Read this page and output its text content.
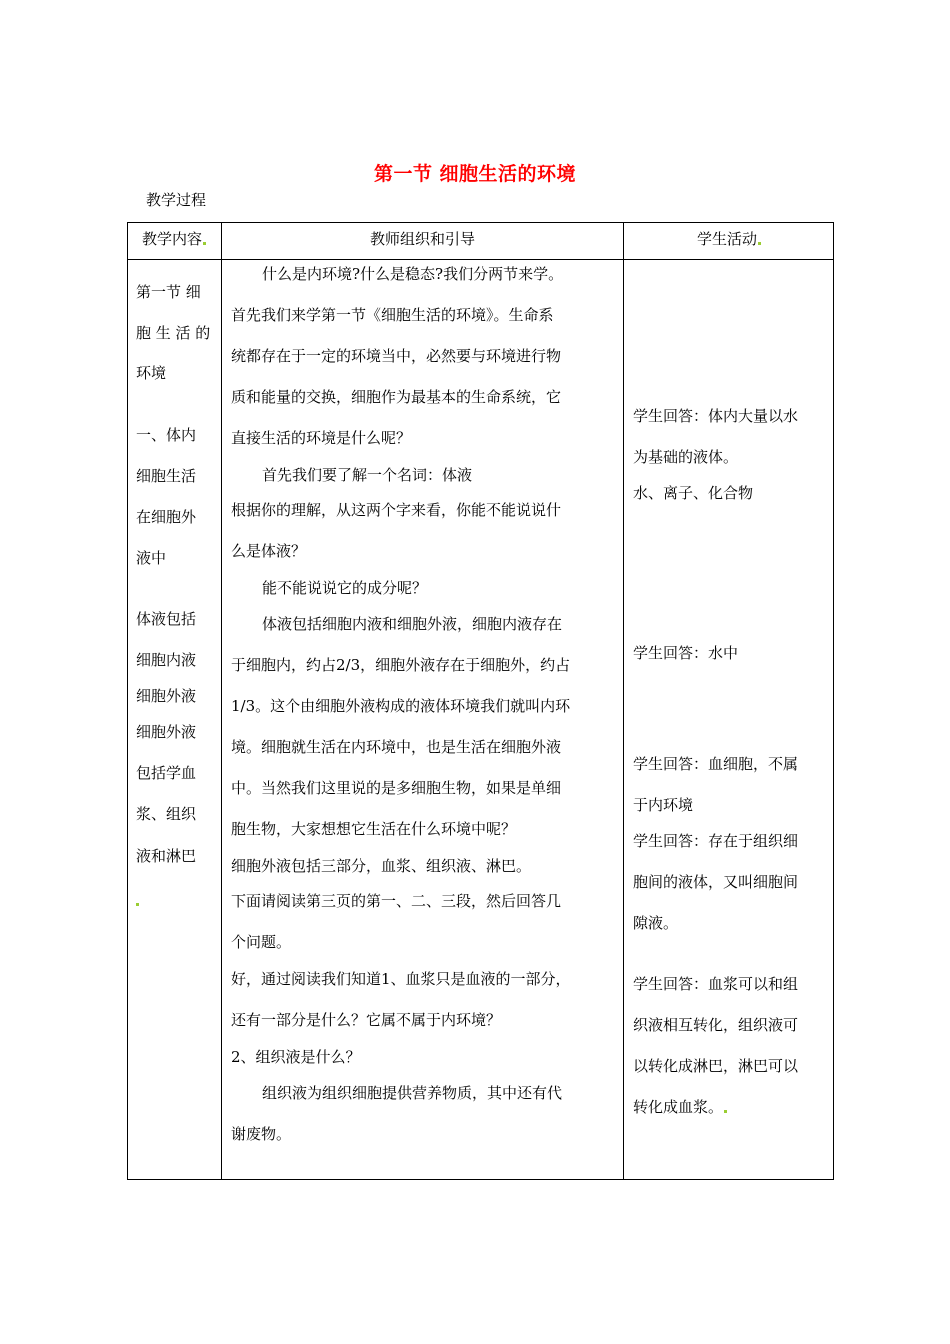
第一节 细胞生活的环境
教学过程
教学内容	教师组织和引导	学生活动
第一节 细
胞 生 活 的
环境
一、体内
细胞生活
在细胞外
液中
体液包括
细胞内液
细胞外液
细胞外液
包括学血
浆、组织
液和淋巴
什么是内环境?什么是稳态?我们分两节来学。
首先我们来学第一节《细胞生活的环境》。生命系
统都存在于一定的环境当中，必然要与环境进行物
质和能量的交换，细胞作为最基本的生命系统，它
直接生活的环境是什么呢？
首先我们要了解一个名词：体液
根据你的理解，从这两个字来看，你能不能说说什
么是体液？
能不能说说它的成分呢？
体液包括细胞内液和细胞外液，细胞内液存在
于细胞内，约占2/3，细胞外液存在于细胞外，约占
1/3。这个由细胞外液构成的液体环境我们就叫内环
境。细胞就生活在内环境中，也是生活在细胞外液
中。当然我们这里说的是多细胞生物，如果是单细
胞生物，大家想想它生活在什么环境中呢？
细胞外液包括三部分，血浆、组织液、淋巴。
下面请阅读第三页的第一、二、三段，然后回答几
个问题。
好，通过阅读我们知道1、血浆只是血液的一部分，
还有一部分是什么？它属不属于内环境？
2、组织液是什么？
组织液为组织细胞提供营养物质，其中还有代
谢废物。
学生回答：体内大量以水
为基础的液体。
水、离子、化合物
学生回答：水中
学生回答：血细胞，不属
于内环境
学生回答：存在于组织细
胞间的液体，又叫细胞间
隙液。
学生回答：血浆可以和组
织液相互转化，组织液可
以转化成淋巴，淋巴可以
转化成血浆。
